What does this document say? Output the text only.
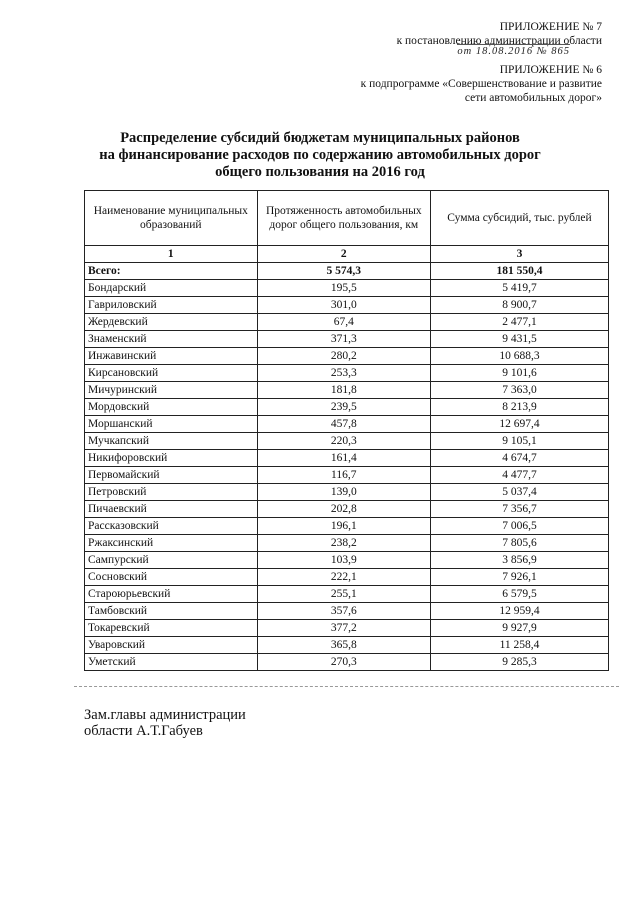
ПРИЛОЖЕНИЕ № 7
к постановлению администрации области
от 18.08.2016 № 865
ПРИЛОЖЕНИЕ № 6
к подпрограмме «Совершенствование и развитие
сети автомобильных дорог»
Распределение субсидий бюджетам муниципальных районов
на финансирование расходов по содержанию автомобильных дорог
общего пользования на 2016 год
Наименование муниципальных образований	Протяженность автомобильных дорог общего пользования, км	Сумма субсидий, тыс. рублей
1	2	3
Всего:	5 574,3	181 550,4
Бондарский	195,5	5 419,7
Гавриловский	301,0	8 900,7
Жердевский	67,4	2 477,1
Знаменский	371,3	9 431,5
Инжавинский	280,2	10 688,3
Кирсановский	253,3	9 101,6
Мичуринский	181,8	7 363,0
Мордовский	239,5	8 213,9
Моршанский	457,8	12 697,4
Мучкапский	220,3	9 105,1
Никифоровский	161,4	4 674,7
Первомайский	116,7	4 477,7
Петровский	139,0	5 037,4
Пичаевский	202,8	7 356,7
Рассказовский	196,1	7 006,5
Ржаксинский	238,2	7 805,6
Сампурский	103,9	3 856,9
Сосновский	222,1	7 926,1
Староюрьевский	255,1	6 579,5
Тамбовский	357,6	12 959,4
Токаревский	377,2	9 927,9
Уваровский	365,8	11 258,4
Уметский	270,3	9 285,3
Зам.главы администрации
области А.Т.Габуев
